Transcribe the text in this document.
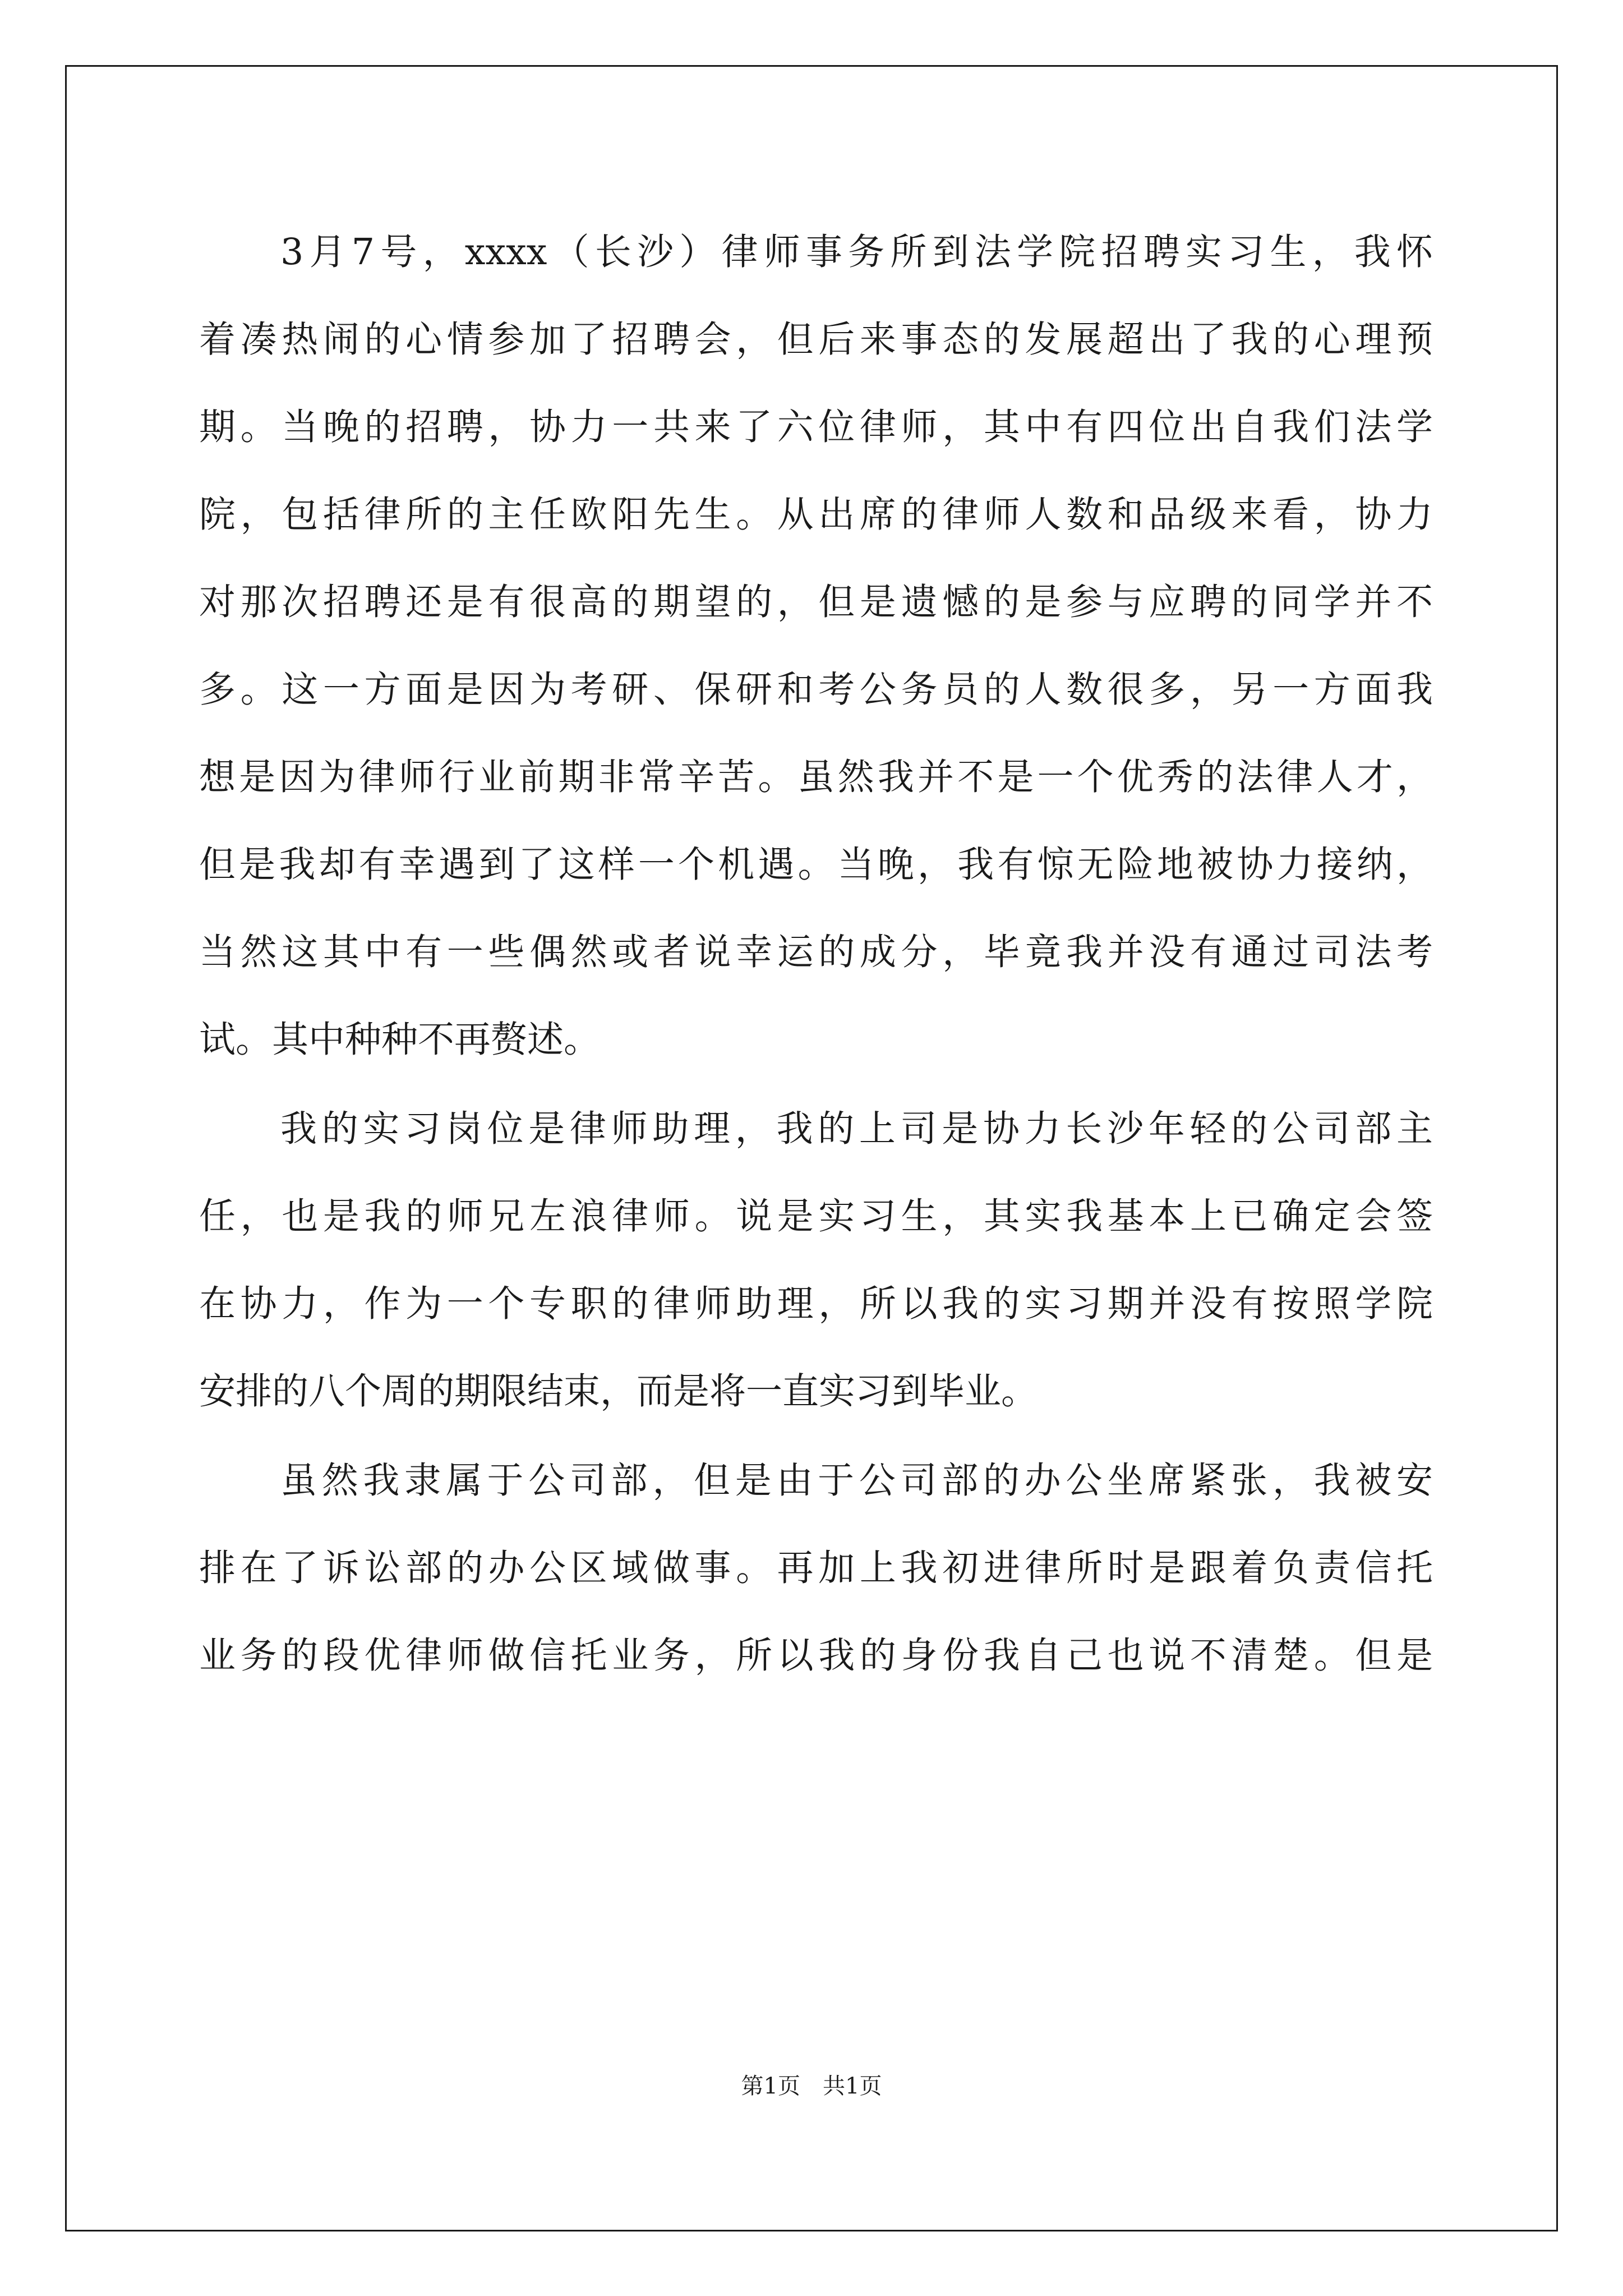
3月7号，xxxx（长沙）律师事务所到法学院招聘实习生，我怀
着凑热闹的心情参加了招聘会，但后来事态的发展超出了我的心理预
期。当晚的招聘，协力一共来了六位律师，其中有四位出自我们法学
院，包括律所的主任欧阳先生。从出席的律师人数和品级来看，协力
对那次招聘还是有很高的期望的，但是遗憾的是参与应聘的同学并不
多。这一方面是因为考研、保研和考公务员的人数很多，另一方面我
想是因为律师行业前期非常辛苦。虽然我并不是一个优秀的法律人才，
但是我却有幸遇到了这样一个机遇。当晚，我有惊无险地被协力接纳，
当然这其中有一些偶然或者说幸运的成分，毕竟我并没有通过司法考
试。其中种种不再赘述。
我的实习岗位是律师助理，我的上司是协力长沙年轻的公司部主
任，也是我的师兄左浪律师。说是实习生，其实我基本上已确定会签
在协力，作为一个专职的律师助理，所以我的实习期并没有按照学院
安排的八个周的期限结束，而是将一直实习到毕业。
虽然我隶属于公司部，但是由于公司部的办公坐席紧张，我被安
排在了诉讼部的办公区域做事。再加上我初进律所时是跟着负责信托
业务的段优律师做信托业务，所以我的身份我自己也说不清楚。但是
第1页　共1页
